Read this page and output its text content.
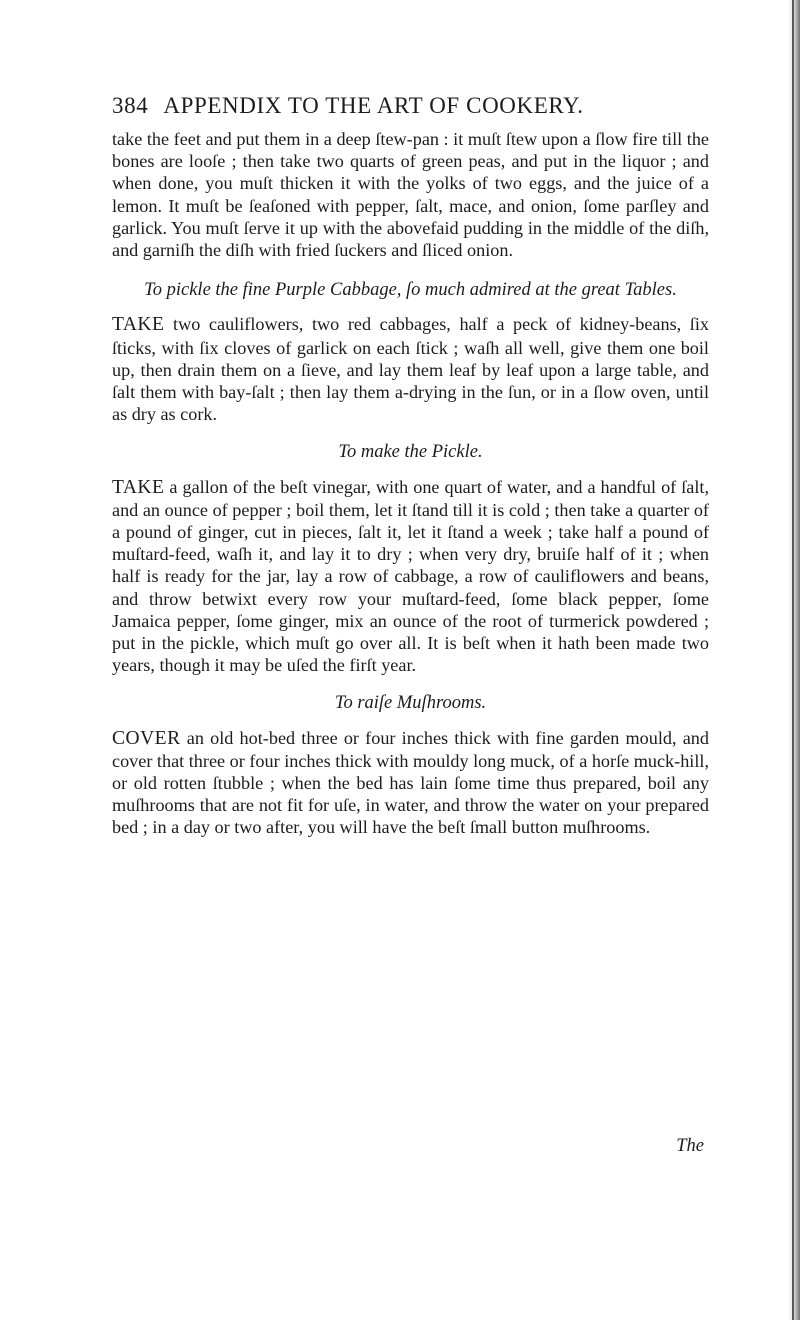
384 APPENDIX TO THE ART OF COOKERY.

take the feet and put them in a deep ſtew-pan : it muſt ſtew upon a ſlow fire till the bones are looſe ; then take two quarts of green peas, and put in the liquor ; and when done, you muſt thicken it with the yolks of two eggs, and the juice of a lemon. It muſt be ſeaſoned with pepper, ſalt, mace, and onion, ſome parſley and garlick. You muſt ſerve it up with the abovefaid pudding in the middle of the diſh, and garniſh the diſh with fried ſuckers and ſliced onion.

To pickle the fine Purple Cabbage, ſo much admired at the great Tables.

TAKE two cauliflowers, two red cabbages, half a peck of kidney-beans, ſix ſticks, with ſix cloves of garlick on each ſtick ; waſh all well, give them one boil up, then drain them on a ſieve, and lay them leaf by leaf upon a large table, and ſalt them with bay-ſalt ; then lay them a-drying in the ſun, or in a ſlow oven, until as dry as cork.

To make the Pickle.

TAKE a gallon of the beſt vinegar, with one quart of water, and a handful of ſalt, and an ounce of pepper ; boil them, let it ſtand till it is cold ; then take a quarter of a pound of ginger, cut in pieces, ſalt it, let it ſtand a week ; take half a pound of muſtard-feed, waſh it, and lay it to dry ; when very dry, bruiſe half of it ; when half is ready for the jar, lay a row of cabbage, a row of cauliflowers and beans, and throw betwixt every row your muſtard-feed, ſome black pepper, ſome Jamaica pepper, ſome ginger, mix an ounce of the root of turmerick powdered ; put in the pickle, which muſt go over all. It is beſt when it hath been made two years, though it may be uſed the firſt year.

To raiſe Muſhrooms.

COVER an old hot-bed three or four inches thick with fine garden mould, and cover that three or four inches thick with mouldy long muck, of a horſe muck-hill, or old rotten ſtubble ; when the bed has lain ſome time thus prepared, boil any muſhrooms that are not fit for uſe, in water, and throw the water on your prepared bed ; in a day or two after, you will have the beſt ſmall button muſhrooms.

The
